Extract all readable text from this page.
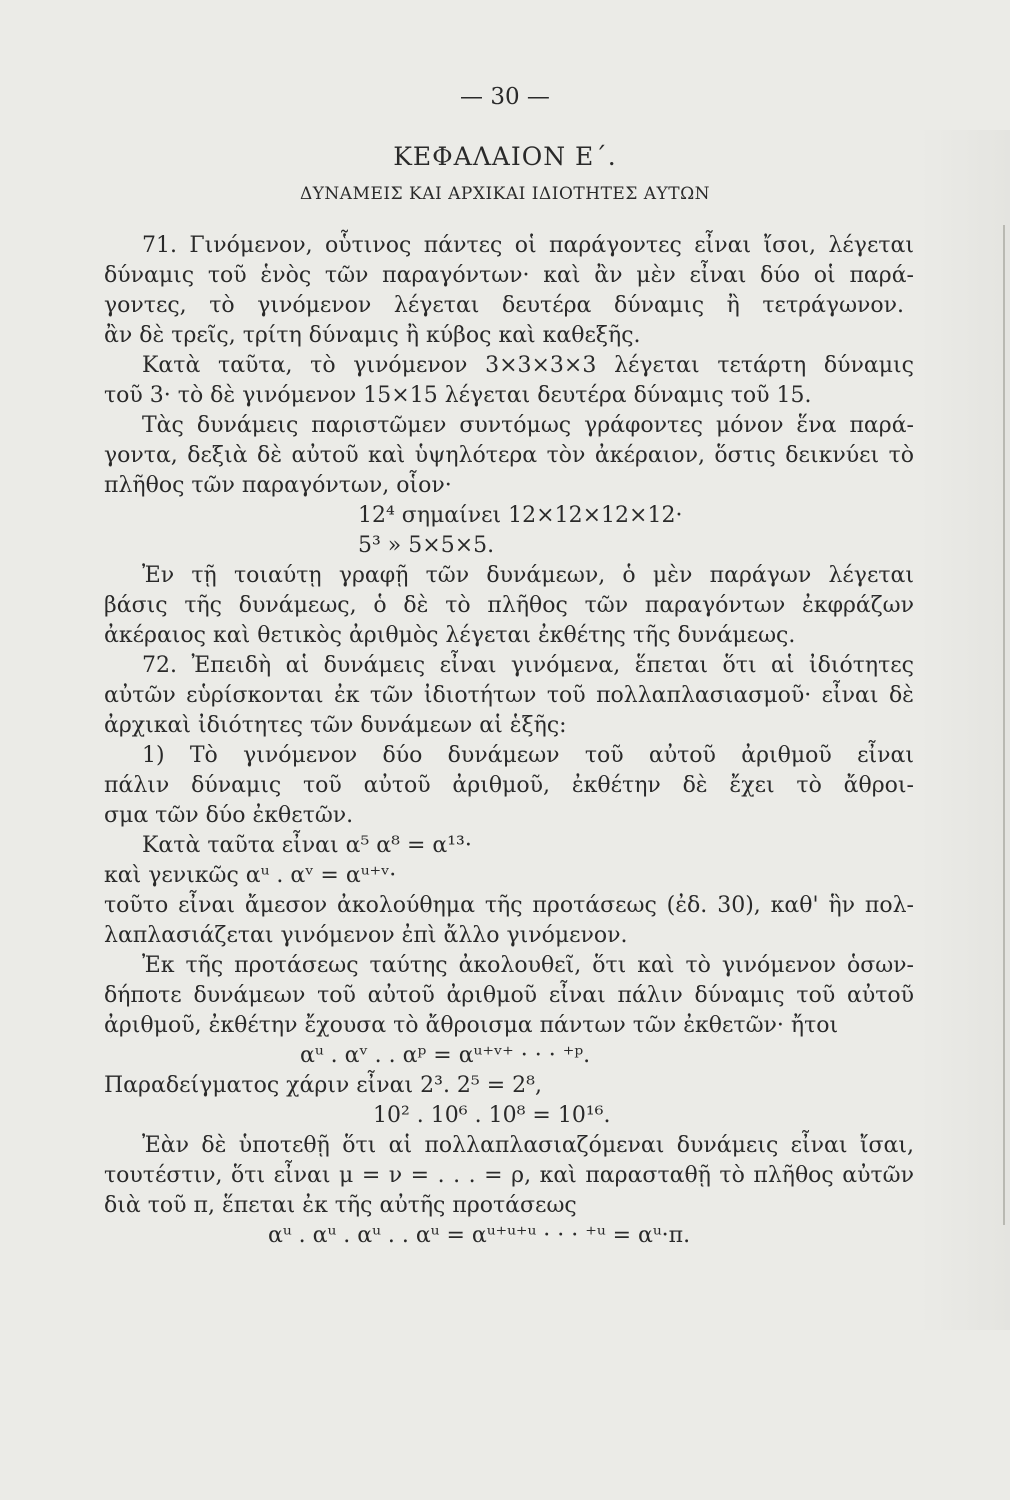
— 30 —
ΚΕΦΑΛΑΙΟΝ Ε΄.
ΔΥΝΑΜΕΙΣ ΚΑΙ ΑΡΧΙΚΑΙ ΙΔΙΟΤΗΤΕΣ ΑΥΤΩΝ
71. Γινόμενον, οὗτινος πάντες οἱ παράγοντες εἶναι ἴσοι, λέγεται
δύναμις τοῦ ἑνὸς τῶν παραγόντων· καὶ ἂν μὲν εἶναι δύο οἱ παρά-
γοντες, τὸ γινόμενον λέγεται δευτέρα δύναμις ἢ τετράγωνον.
ἂν δὲ τρεῖς, τρίτη δύναμις ἢ κύβος καὶ καθεξῆς.
Κατὰ ταῦτα, τὸ γινόμενον 3×3×3×3 λέγεται τετάρτη δύναμις
τοῦ 3· τὸ δὲ γινόμενον 15×15 λέγεται δευτέρα δύναμις τοῦ 15.
Τὰς δυνάμεις παριστῶμεν συντόμως γράφοντες μόνον ἕνα παρά-
γοντα, δεξιὰ δὲ αὐτοῦ καὶ ὑψηλότερα τὸν ἀκέραιον, ὅστις δεικνύει τὸ
πλῆθος τῶν παραγόντων, οἷον·
12⁴ σημαίνει 12×12×12×12·
5³ » 5×5×5.
Ἐν τῇ τοιαύτῃ γραφῇ τῶν δυνάμεων, ὁ μὲν παράγων λέγεται
βάσις τῆς δυνάμεως, ὁ δὲ τὸ πλῆθος τῶν παραγόντων ἐκφράζων
ἀκέραιος καὶ θετικὸς ἀριθμὸς λέγεται ἐκθέτης τῆς δυνάμεως.
72. Ἐπειδὴ αἱ δυνάμεις εἶναι γινόμενα, ἕπεται ὅτι αἱ ἰδιότητες
αὐτῶν εὑρίσκονται ἐκ τῶν ἰδιοτήτων τοῦ πολλαπλασιασμοῦ· εἶναι δὲ
ἀρχικαὶ ἰδιότητες τῶν δυνάμεων αἱ ἑξῆς:
1) Τὸ γινόμενον δύο δυνάμεων τοῦ αὐτοῦ ἀριθμοῦ εἶναι
πάλιν δύναμις τοῦ αὐτοῦ ἀριθμοῦ, ἐκθέτην δὲ ἔχει τὸ ἄθροι-
σμα τῶν δύο ἐκθετῶν.
Κατὰ ταῦτα εἶναι α⁵ α⁸ = α¹³·
καὶ γενικῶς αᵘ . αᵛ = αᵘ⁺ᵛ·
τοῦτο εἶναι ἄμεσον ἀκολούθημα τῆς προτάσεως (ἐδ. 30), καθ' ἣν πολ-
λαπλασιάζεται γινόμενον ἐπὶ ἄλλο γινόμενον.
Ἐκ τῆς προτάσεως ταύτης ἀκολουθεῖ, ὅτι καὶ τὸ γινόμενον ὁσων-
δήποτε δυνάμεων τοῦ αὐτοῦ ἀριθμοῦ εἶναι πάλιν δύναμις τοῦ αὐτοῦ
ἀριθμοῦ, ἐκθέτην ἔχουσα τὸ ἄθροισμα πάντων τῶν ἐκθετῶν· ἤτοι
αᵘ . αᵛ . . αᵖ = αᵘ⁺ᵛ⁺ · · · ⁺ᵖ.
Παραδείγματος χάριν εἶναι 2³. 2⁵ = 2⁸,
10² . 10⁶ . 10⁸ = 10¹⁶.
Ἐὰν δὲ ὑποτεθῇ ὅτι αἱ πολλαπλασιαζόμεναι δυνάμεις εἶναι ἴσαι,
τουτέστιν, ὅτι εἶναι μ = ν = . . . = ρ, καὶ παρασταθῇ τὸ πλῆθος αὐτῶν
διὰ τοῦ π, ἕπεται ἐκ τῆς αὐτῆς προτάσεως
αᵘ . αᵘ . αᵘ . . αᵘ = αᵘ⁺ᵘ⁺ᵘ · · · ⁺ᵘ = αᵘ·π.
